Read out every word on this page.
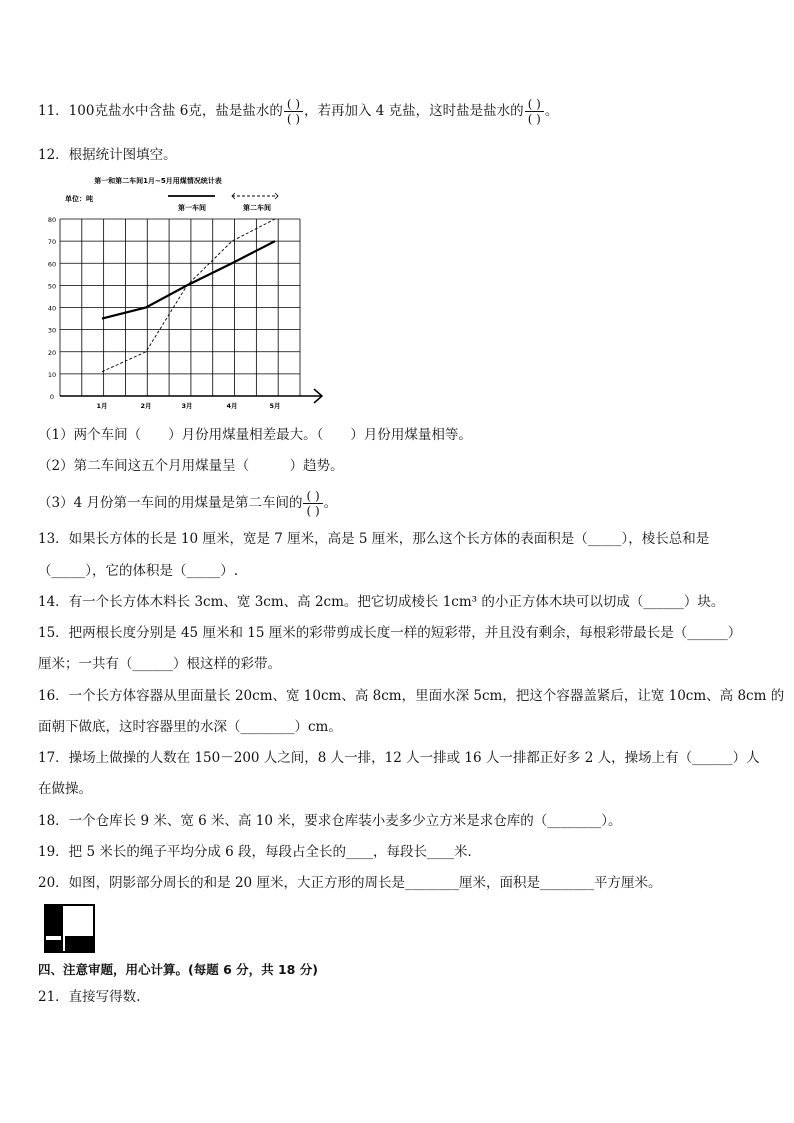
11．100克盐水中含盐 6克，盐是盐水的 $\frac{( )}{( )}$ ，若再加入 4 克盐，这时盐是盐水的 $\frac{( )}{( )}$ 。
12．根据统计图填空。
第一和第二车间1月~5月用煤情况统计表
单位：吨
0
10
20
30
40
50
60
70
80
1月	2月	3月	4月	5月
第一车间	第二车间
（1）两个车间（　　）月份用煤量相差最大。（　　）月份用煤量相等。
（2）第二车间这五个月用煤量呈（　　　）趋势。
（3）4 月份第一车间的用煤量是第二车间的 $\frac{( )}{( )}$ 。
13．如果长方体的长是 10 厘米，宽是 7 厘米，高是 5 厘米，那么这个长方体的表面积是（_____），棱长总和是
（_____），它的体积是（_____）.
14．有一个长方体木料长 3cm、宽 3cm、高 2cm。把它切成棱长 1cm³ 的小正方体木块可以切成（______）块。
15．把两根长度分别是 45 厘米和 15 厘米的彩带剪成长度一样的短彩带，并且没有剩余，每根彩带最长是（______）
厘米；一共有（______）根这样的彩带。
16．一个长方体容器从里面量长 20cm、宽 10cm、高 8cm，里面水深 5cm，把这个容器盖紧后，让宽 10cm、高 8cm 的
面朝下做底，这时容器里的水深（________）cm。
17．操场上做操的人数在 150－200 人之间，8 人一排，12 人一排或 16 人一排都正好多 2 人，操场上有（______）人
在做操。
18．一个仓库长 9 米、宽 6 米、高 10 米，要求仓库装小麦多少立方米是求仓库的（________）。
19．把 5 米长的绳子平均分成 6 段，每段占全长的____，每段长____米．
20．如图，阴影部分周长的和是 20 厘米，大正方形的周长是________厘米，面积是________平方厘米。
四、注意审题，用心计算。(每题 6 分，共 18 分)
21．直接写得数.
